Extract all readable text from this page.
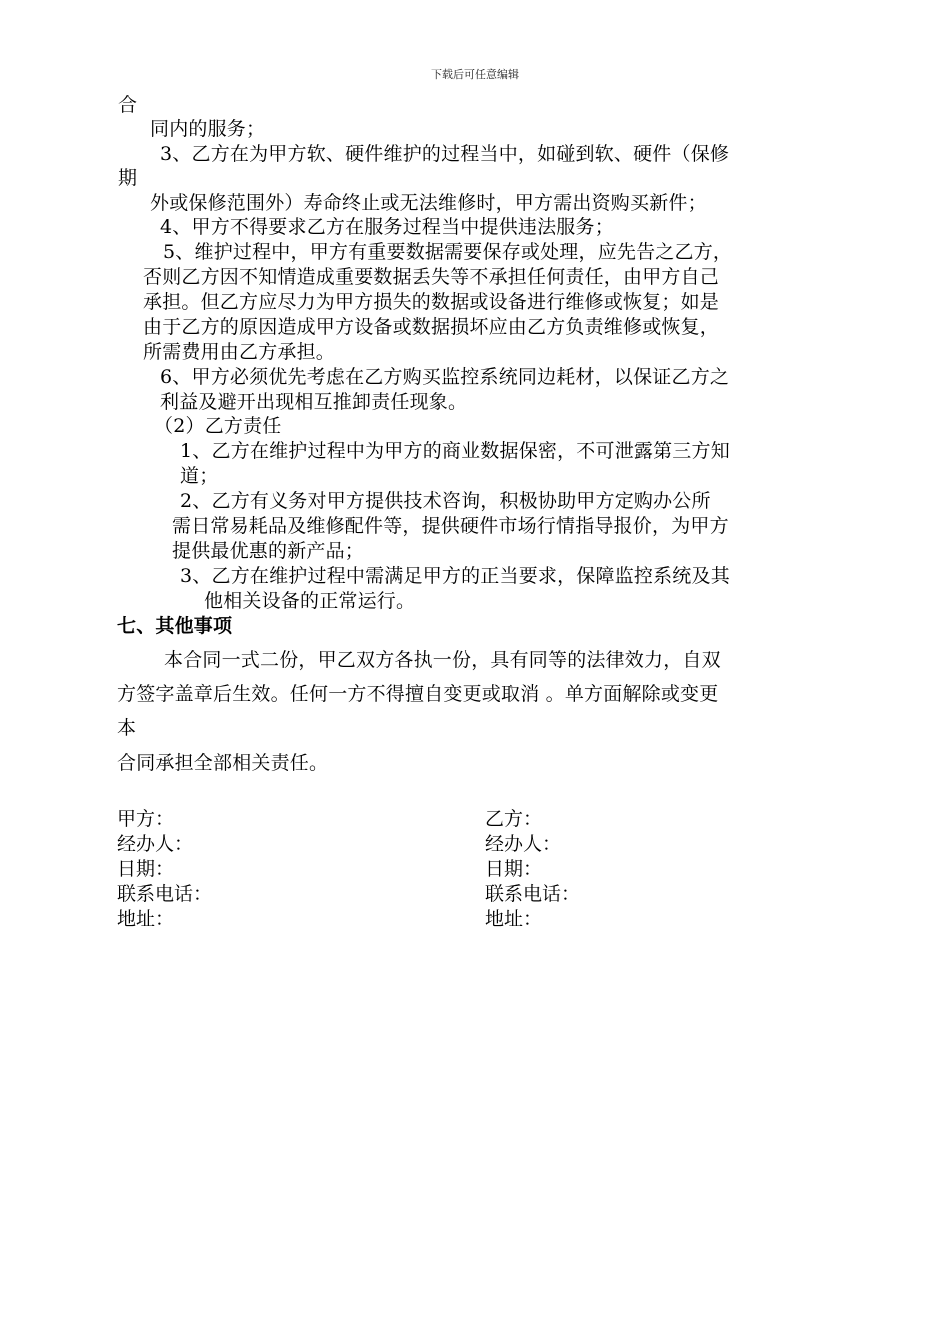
下载后可任意编辑
合
同内的服务；
3、乙方在为甲方软、硬件维护的过程当中，如碰到软、硬件（保修
期
外或保修范围外）寿命终止或无法维修时，甲方需出资购买新件；
4、甲方不得要求乙方在服务过程当中提供违法服务；
5、维护过程中，甲方有重要数据需要保存或处理，应先告之乙方，
否则乙方因不知情造成重要数据丢失等不承担任何责任，由甲方自己
承担。但乙方应尽力为甲方损失的数据或设备进行维修或恢复；如是
由于乙方的原因造成甲方设备或数据损坏应由乙方负责维修或恢复，
所需费用由乙方承担。
6、甲方必须优先考虑在乙方购买监控系统同边耗材，以保证乙方之
利益及避开出现相互推卸责任现象。
（2）乙方责任
1、乙方在维护过程中为甲方的商业数据保密，不可泄露第三方知
道；
2、乙方有义务对甲方提供技术咨询，积极协助甲方定购办公所
需日常易耗品及维修配件等，提供硬件市场行情指导报价，为甲方
提供最优惠的新产品；
3、乙方在维护过程中需满足甲方的正当要求，保障监控系统及其
他相关设备的正常运行。
七、其他事项
本合同一式二份，甲乙双方各执一份，具有同等的法律效力，自双
方签字盖章后生效。任何一方不得擅自变更或取消 。单方面解除或变更
本
合同承担全部相关责任。
甲方：
经办人：
日期：
联系电话：
地址：
乙方：
经办人：
日期：
联系电话：
地址：
